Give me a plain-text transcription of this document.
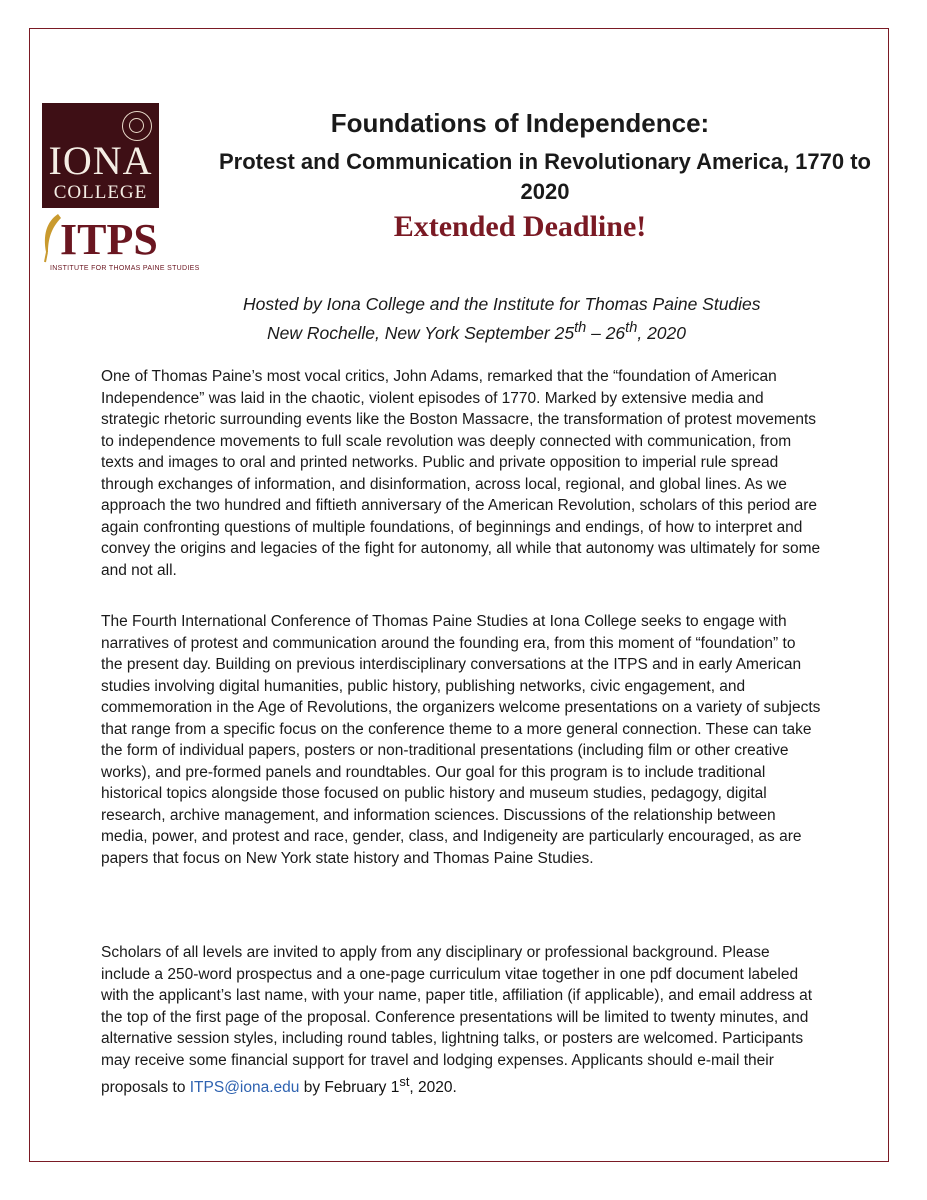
IONA
COLLEGE
ITPS
INSTITUTE FOR THOMAS PAINE STUDIES
Foundations of Independence:
Protest and Communication in Revolutionary America, 1770 to 2020
Extended Deadline!
Hosted by Iona College and the Institute for Thomas Paine Studies
New Rochelle, New York September 25th – 26th, 2020

One of Thomas Paine’s most vocal critics, John Adams, remarked that the “foundation of American Independence” was laid in the chaotic, violent episodes of 1770. Marked by extensive media and strategic rhetoric surrounding events like the Boston Massacre, the transformation of protest movements to independence movements to full scale revolution was deeply connected with communication, from texts and images to oral and printed networks. Public and private opposition to imperial rule spread through exchanges of information, and disinformation, across local, regional, and global lines. As we approach the two hundred and fiftieth anniversary of the American Revolution, scholars of this period are again confronting questions of multiple foundations, of beginnings and endings, of how to interpret and convey the origins and legacies of the fight for autonomy, all while that autonomy was ultimately for some and not all.

The Fourth International Conference of Thomas Paine Studies at Iona College seeks to engage with narratives of protest and communication around the founding era, from this moment of “foundation” to the present day. Building on previous interdisciplinary conversations at the ITPS and in early American studies involving digital humanities, public history, publishing networks, civic engagement, and commemoration in the Age of Revolutions, the organizers welcome presentations on a variety of subjects that range from a specific focus on the conference theme to a more general connection. These can take the form of individual papers, posters or non-traditional presentations (including film or other creative works), and pre-formed panels and roundtables. Our goal for this program is to include traditional historical topics alongside those focused on public history and museum studies, pedagogy, digital research, archive management, and information sciences. Discussions of the relationship between media, power, and protest and race, gender, class, and Indigeneity are particularly encouraged, as are papers that focus on New York state history and Thomas Paine Studies.

Scholars of all levels are invited to apply from any disciplinary or professional background. Please include a 250-word prospectus and a one-page curriculum vitae together in one pdf document labeled with the applicant’s last name, with your name, paper title, affiliation (if applicable), and email address at the top of the first page of the proposal. Conference presentations will be limited to twenty minutes, and alternative session styles, including round tables, lightning talks, or posters are welcomed. Participants may receive some financial support for travel and lodging expenses. Applicants should e-mail their proposals to ITPS@iona.edu by February 1st, 2020.
